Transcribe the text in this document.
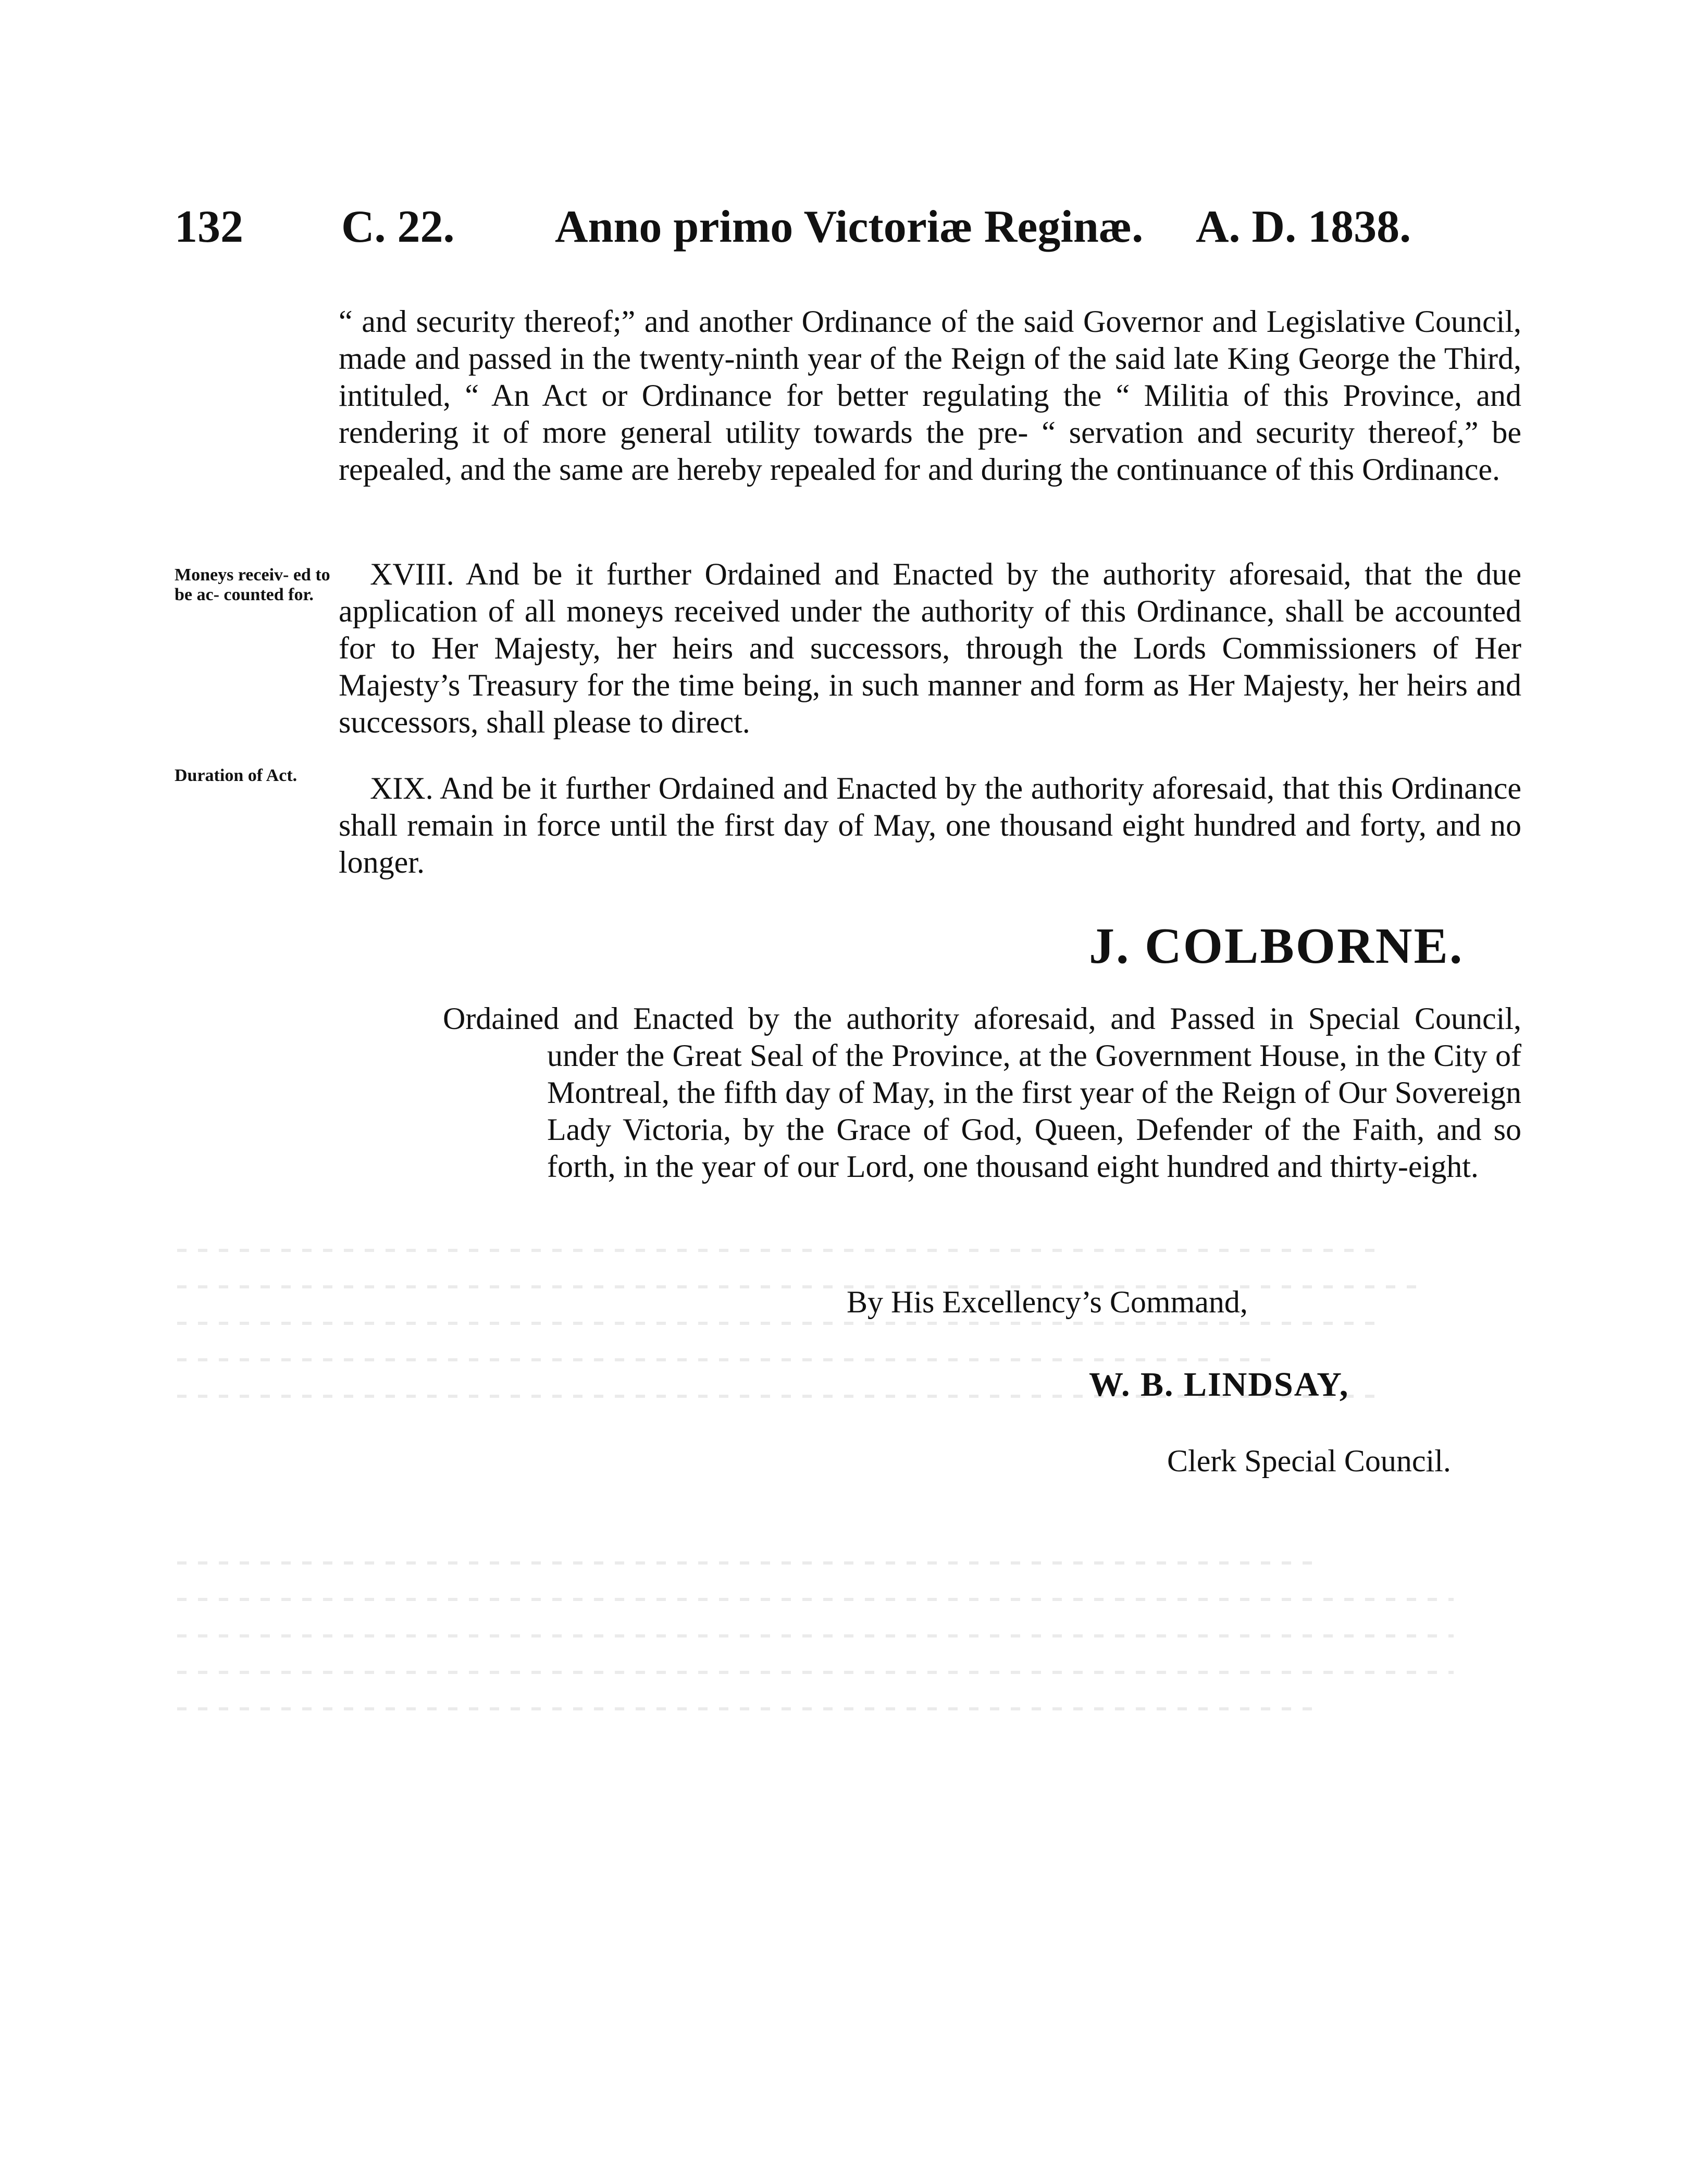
132 C. 22. Anno primo Victoriæ Reginæ. A. D. 1838.

“ and security thereof;” and another Ordinance of the said Governor and Legislative Council, made and passed in the twenty-ninth year of the Reign of the said late King George the Third, intituled, “ An Act or Ordinance for better regulating the “ Militia of this Province, and rendering it of more general utility towards the pre- “ servation and security thereof,” be repealed, and the same are hereby repealed for and during the continuance of this Ordinance.

Moneys receiv- ed to be ac- counted for.

XVIII. And be it further Ordained and Enacted by the authority aforesaid, that the due application of all moneys received under the authority of this Ordinance, shall be accounted for to Her Majesty, her heirs and successors, through the Lords Commissioners of Her Majesty’s Treasury for the time being, in such manner and form as Her Majesty, her heirs and successors, shall please to direct.

Duration of Act.	XIX. And be it further Ordained and Enacted by the authority aforesaid, that this Ordinance shall remain in force until the first day of May, one thousand eight hundred and forty, and no longer.

J. COLBORNE.

Ordained and Enacted by the authority aforesaid, and Passed in Special Council, under the Great Seal of the Province, at the Government House, in the City of Montreal, the fifth day of May, in the first year of the Reign of Our Sovereign Lady Victoria, by the Grace of God, Queen, Defender of the Faith, and so forth, in the year of our Lord, one thousand eight hundred and thirty-eight.

By His Excellency’s Command,
W. B. LINDSAY,
Clerk Special Council.
